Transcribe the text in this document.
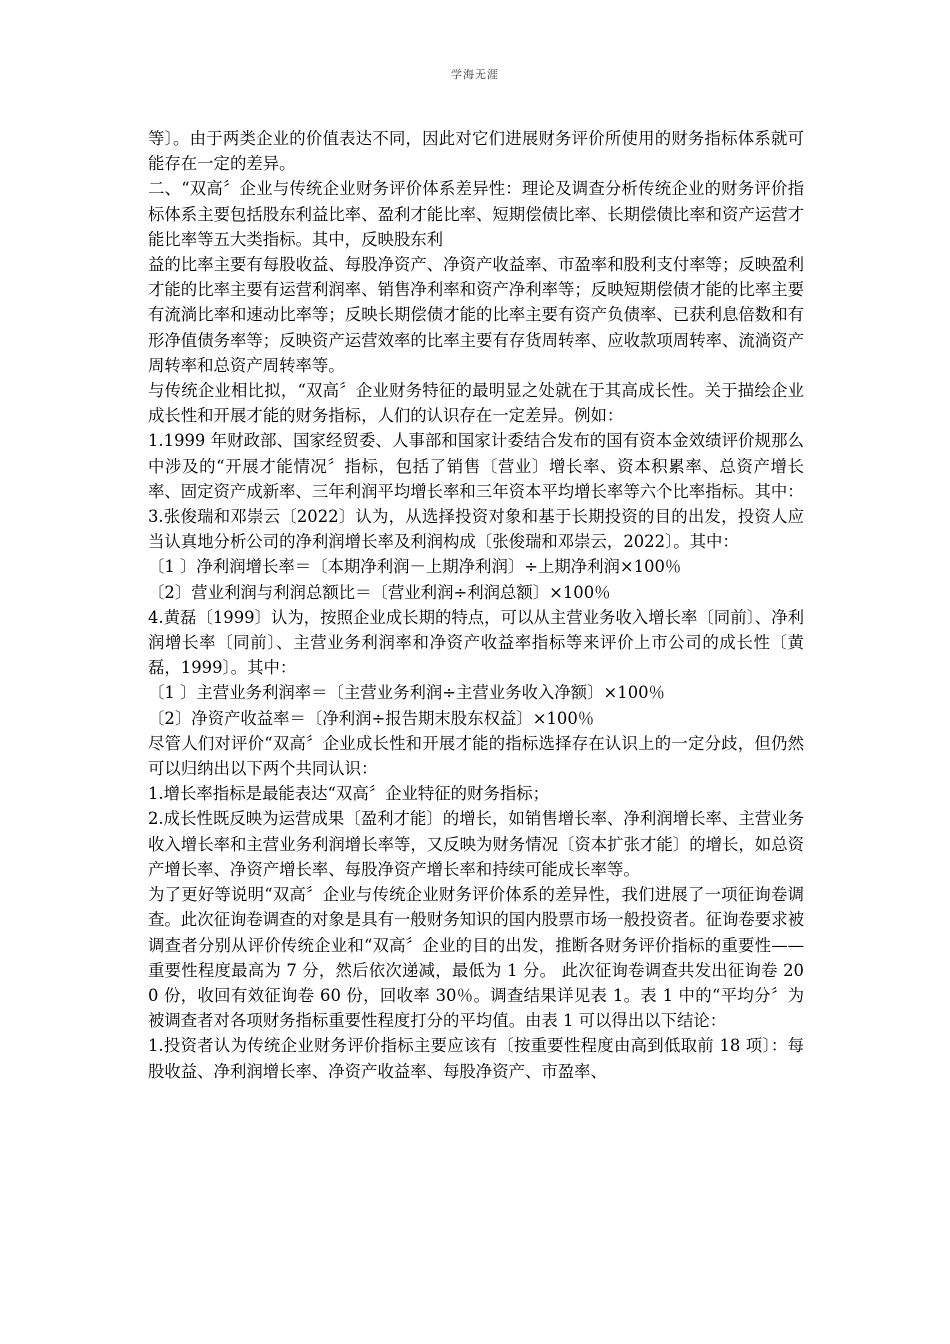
学海无涯

等〕。由于两类企业的价值表达不同，因此对它们进展财务评价所使用的财务指标体系就可能存在一定的差异。

二、“双高〞企业与传统企业财务评价体系差异性：理论及调查分析传统企业的财务评价指标体系主要包括股东利益比率、盈利才能比率、短期偿债比率、长期偿债比率和资产运营才能比率等五大类指标。其中，反映股东利

益的比率主要有每股收益、每股净资产、净资产收益率、市盈率和股利支付率等；反映盈利才能的比率主要有运营利润率、销售净利率和资产净利率等；反映短期偿债才能的比率主要有流淌比率和速动比率等；反映长期偿债才能的比率主要有资产负债率、已获利息倍数和有形净值债务率等；反映资产运营效率的比率主要有存货周转率、应收款项周转率、流淌资产周转率和总资产周转率等。

与传统企业相比拟，“双高〞企业财务特征的最明显之处就在于其高成长性。关于描绘企业成长性和开展才能的财务指标，人们的认识存在一定差异。例如：

1.1999 年财政部、国家经贸委、人事部和国家计委结合发布的国有资本金效绩评价规那么中涉及的“开展才能情况〞指标，包括了销售〔营业〕增长率、资本积累率、总资产增长率、固定资产成新率、三年利润平均增长率和三年资本平均增长率等六个比率指标。其中：

3.张俊瑞和邓崇云〔2022〕认为，从选择投资对象和基于长期投资的目的出发，投资人应当认真地分析公司的净利润增长率及利润构成〔张俊瑞和邓崇云，2022〕。其中：

〔1 〕净利润增长率＝〔本期净利润－上期净利润〕÷上期净利润×100％

〔2〕营业利润与利润总额比＝〔营业利润÷利润总额〕×100％

4.黄磊〔1999〕认为，按照企业成长期的特点，可以从主营业务收入增长率〔同前〕、净利润增长率〔同前〕、主营业务利润率和净资产收益率指标等来评价上市公司的成长性〔黄磊，1999〕。其中：

〔1 〕主营业务利润率＝〔主营业务利润÷主营业务收入净额〕×100％

〔2〕净资产收益率＝〔净利润÷报告期末股东权益〕×100％

尽管人们对评价“双高〞企业成长性和开展才能的指标选择存在认识上的一定分歧，但仍然可以归纳出以下两个共同认识：

1.增长率指标是最能表达“双高〞企业特征的财务指标；

2.成长性既反映为运营成果〔盈利才能〕的增长，如销售增长率、净利润增长率、主营业务收入增长率和主营业务利润增长率等，又反映为财务情况〔资本扩张才能〕的增长，如总资产增长率、净资产增长率、每股净资产增长率和持续可能成长率等。

为了更好等说明“双高〞企业与传统企业财务评价体系的差异性，我们进展了一项征询卷调查。此次征询卷调查的对象是具有一般财务知识的国内股票市场一般投资者。征询卷要求被调查者分别从评价传统企业和“双高〞企业的目的出发，推断各财务评价指标的重要性——重要性程度最高为 7 分，然后依次递减，最低为 1 分。 此次征询卷调查共发出征询卷 200 份，收回有效征询卷 60 份，回收率 30％。调查结果详见表 1。表 1 中的“平均分〞为被调查者对各项财务指标重要性程度打分的平均值。由表 1 可以得出以下结论：

1.投资者认为传统企业财务评价指标主要应该有〔按重要性程度由高到低取前 18 项〕：每股收益、净利润增长率、净资产收益率、每股净资产、市盈率、
